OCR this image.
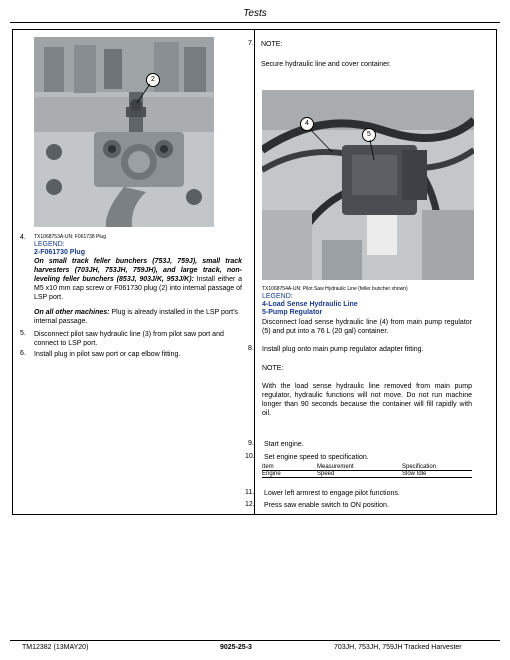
Tests
2
TX1068753A-UN: F061738 Plug
4.
LEGEND:
2-F061730 Plug
On small track feller bunchers (753J, 759J), small track harvesters (703JH, 753JH, 759JH), and large track, non-leveling feller bunchers (853J, 903J/K, 953J/K): Install either a M5 x10 mm cap screw or F061730 plug (2) into internal passage of LSP port.
On all other machines: Plug is already installed in the LSP port's internal passage.
5. Disconnect pilot saw hydraulic line (3) from pilot saw port and connect to LSP port.
6. Install plug in pilot saw port or cap elbow fitting.
7. NOTE:
Secure hydraulic line and cover container.
4
5
TX1068754A-UN: Pilot Saw Hydraulic Line (feller buncher shown)
LEGEND:
4-Load Sense Hydraulic Line
5-Pump Regulator
Disconnect load sense hydraulic line (4) from main pump regulator (5) and put into a 76 L (20 gal) container.
8. Install plug onto main pump regulator adapter fitting.
NOTE:
With the load sense hydraulic line removed from main pump regulator, hydraulic functions will not move. Do not run machine longer than 90 seconds because the container will fill rapidly with oil.
9. Start engine.
10. Set engine speed to specification.
Item	Measurement	Specification
Engine	Speed	Slow Idle
11. Lower left armrest to engage pilot functions.
12. Press saw enable switch to ON position.
TM12382 (13MAY20)	9025-25-3	703JH, 753JH, 759JH Tracked Harvester
